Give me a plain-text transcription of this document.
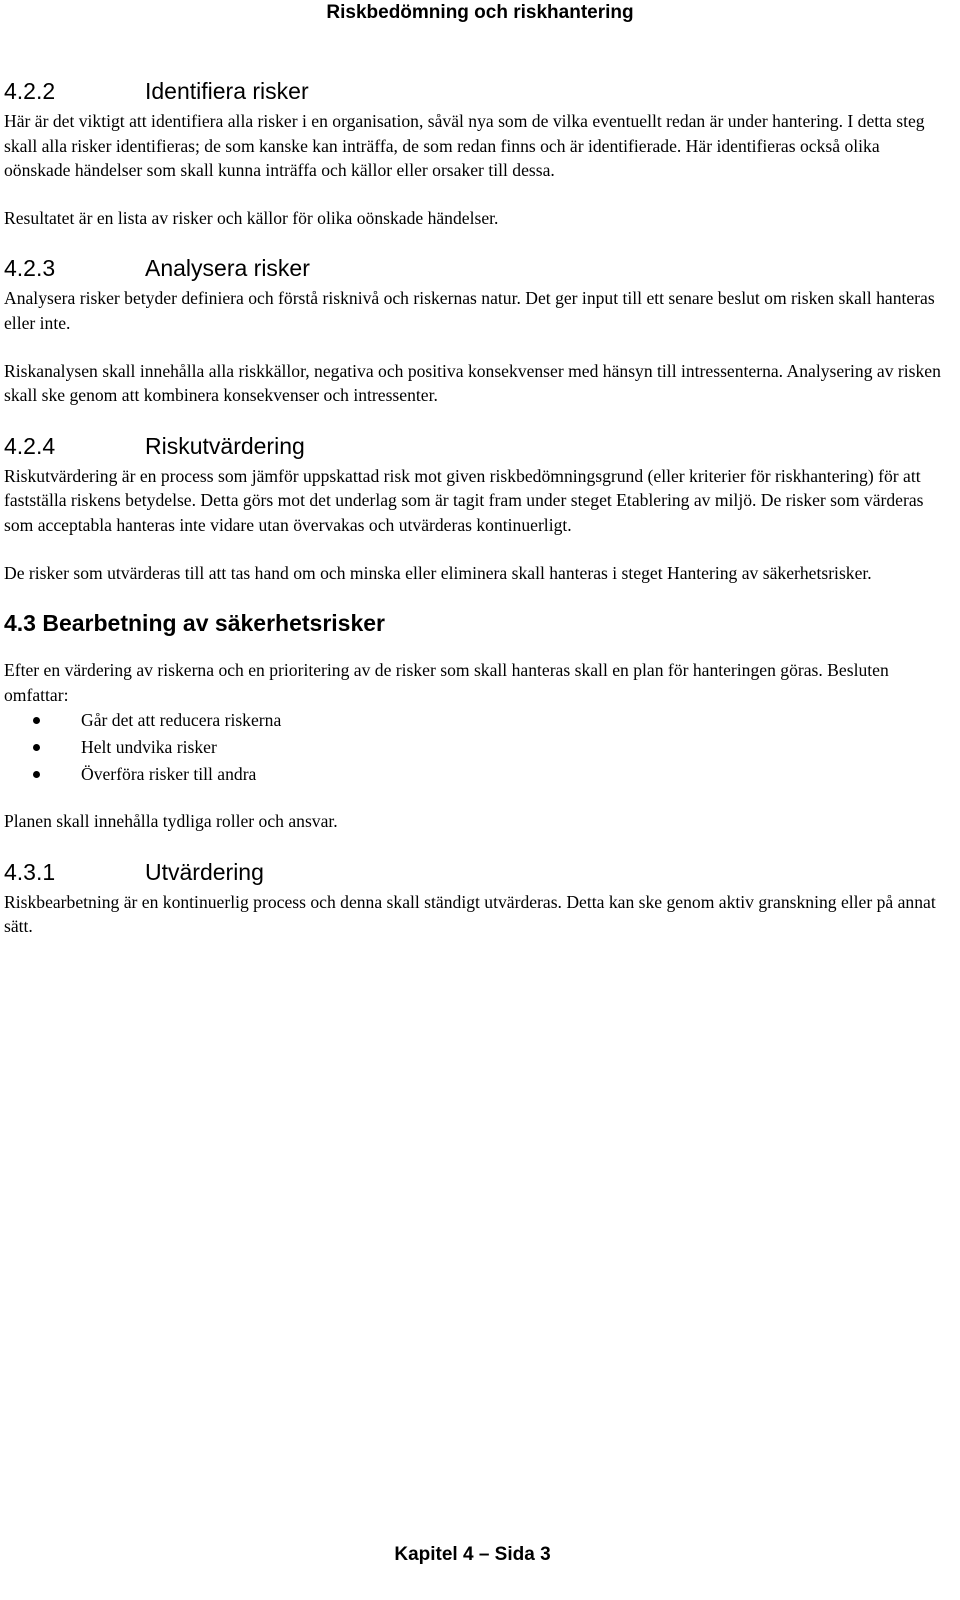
Riskbedömning och riskhantering
4.2.2	Identifiera risker

Här är det viktigt att identifiera alla risker i en organisation, såväl nya som de vilka eventuellt redan är under hantering. I detta steg skall alla risker identifieras; de som kanske kan inträffa, de som redan finns och är identifierade. Här identifieras också olika oönskade händelser som skall kunna inträffa och källor eller orsaker till dessa.

Resultatet är en lista av risker och källor för olika oönskade händelser.

4.2.3	Analysera risker

Analysera risker betyder definiera och förstå risknivå och riskernas natur. Det ger input till ett senare beslut om risken skall hanteras eller inte.

Riskanalysen skall innehålla alla riskkällor, negativa och positiva konsekvenser med hänsyn till intressenterna. Analysering av risken skall ske genom att kombinera konsekvenser och intressenter.

4.2.4	Riskutvärdering

Riskutvärdering är en process som jämför uppskattad risk mot given riskbedömningsgrund (eller kriterier för riskhantering) för att fastställa riskens betydelse. Detta görs mot det underlag som är tagit fram under steget Etablering av miljö. De risker som värderas som acceptabla hanteras inte vidare utan övervakas och utvärderas kontinuerligt.

De risker som utvärderas till att tas hand om och minska eller eliminera skall hanteras i steget Hantering av säkerhetsrisker.

4.3 Bearbetning av säkerhetsrisker

Efter en värdering av riskerna och en prioritering av de risker som skall hanteras skall en plan för hanteringen göras. Besluten omfattar:

Går det att reducera riskerna
Helt undvika risker
Överföra risker till andra

Planen skall innehålla tydliga roller och ansvar.

4.3.1	Utvärdering

Riskbearbetning är en kontinuerlig process och denna skall ständigt utvärderas. Detta kan ske genom aktiv granskning eller på annat sätt.

Kapitel 4 – Sida 3
